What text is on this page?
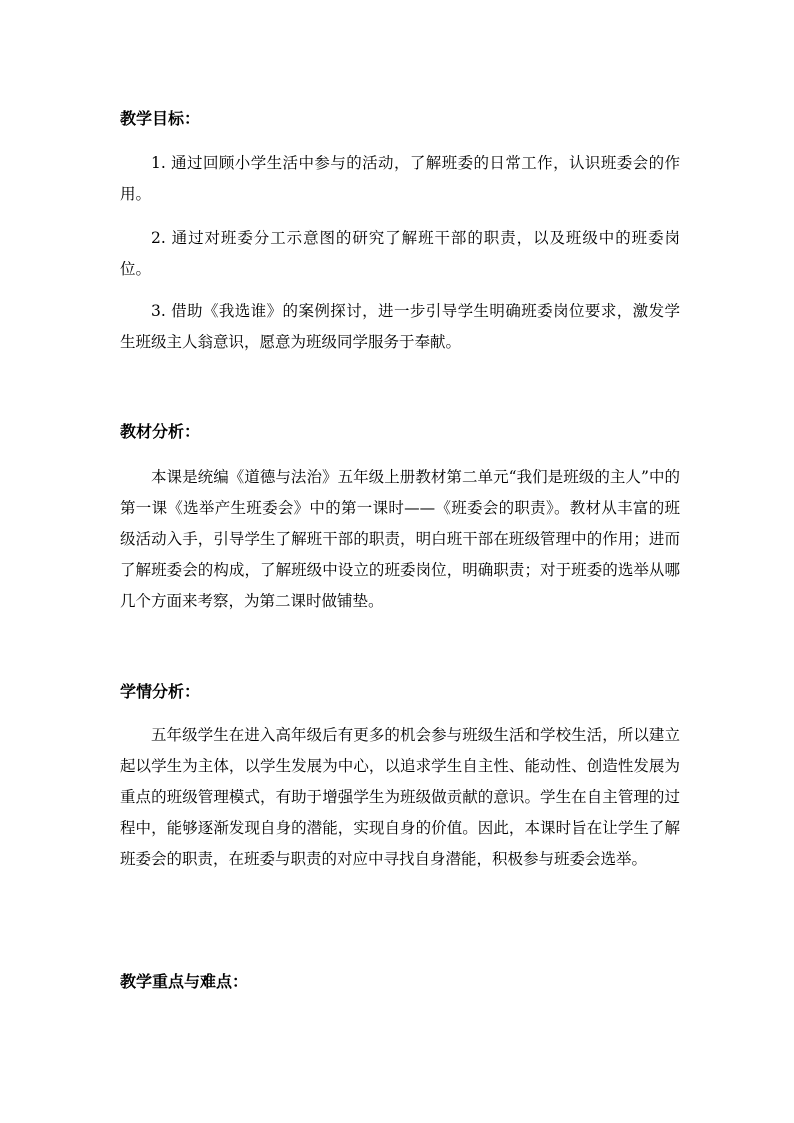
教学目标：

1. 通过回顾小学生活中参与的活动，了解班委的日常工作，认识班委会的作用。

2. 通过对班委分工示意图的研究了解班干部的职责，以及班级中的班委岗位。

3. 借助《我选谁》的案例探讨，进一步引导学生明确班委岗位要求，激发学生班级主人翁意识，愿意为班级同学服务于奉献。

教材分析：

本课是统编《道德与法治》五年级上册教材第二单元“我们是班级的主人”中的第一课《选举产生班委会》中的第一课时——《班委会的职责》。教材从丰富的班级活动入手，引导学生了解班干部的职责，明白班干部在班级管理中的作用；进而了解班委会的构成，了解班级中设立的班委岗位，明确职责；对于班委的选举从哪几个方面来考察，为第二课时做铺垫。

学情分析：

五年级学生在进入高年级后有更多的机会参与班级生活和学校生活，所以建立起以学生为主体，以学生发展为中心，以追求学生自主性、能动性、创造性发展为重点的班级管理模式，有助于增强学生为班级做贡献的意识。学生在自主管理的过程中，能够逐渐发现自身的潜能，实现自身的价值。因此，本课时旨在让学生了解班委会的职责，在班委与职责的对应中寻找自身潜能，积极参与班委会选举。

教学重点与难点：
